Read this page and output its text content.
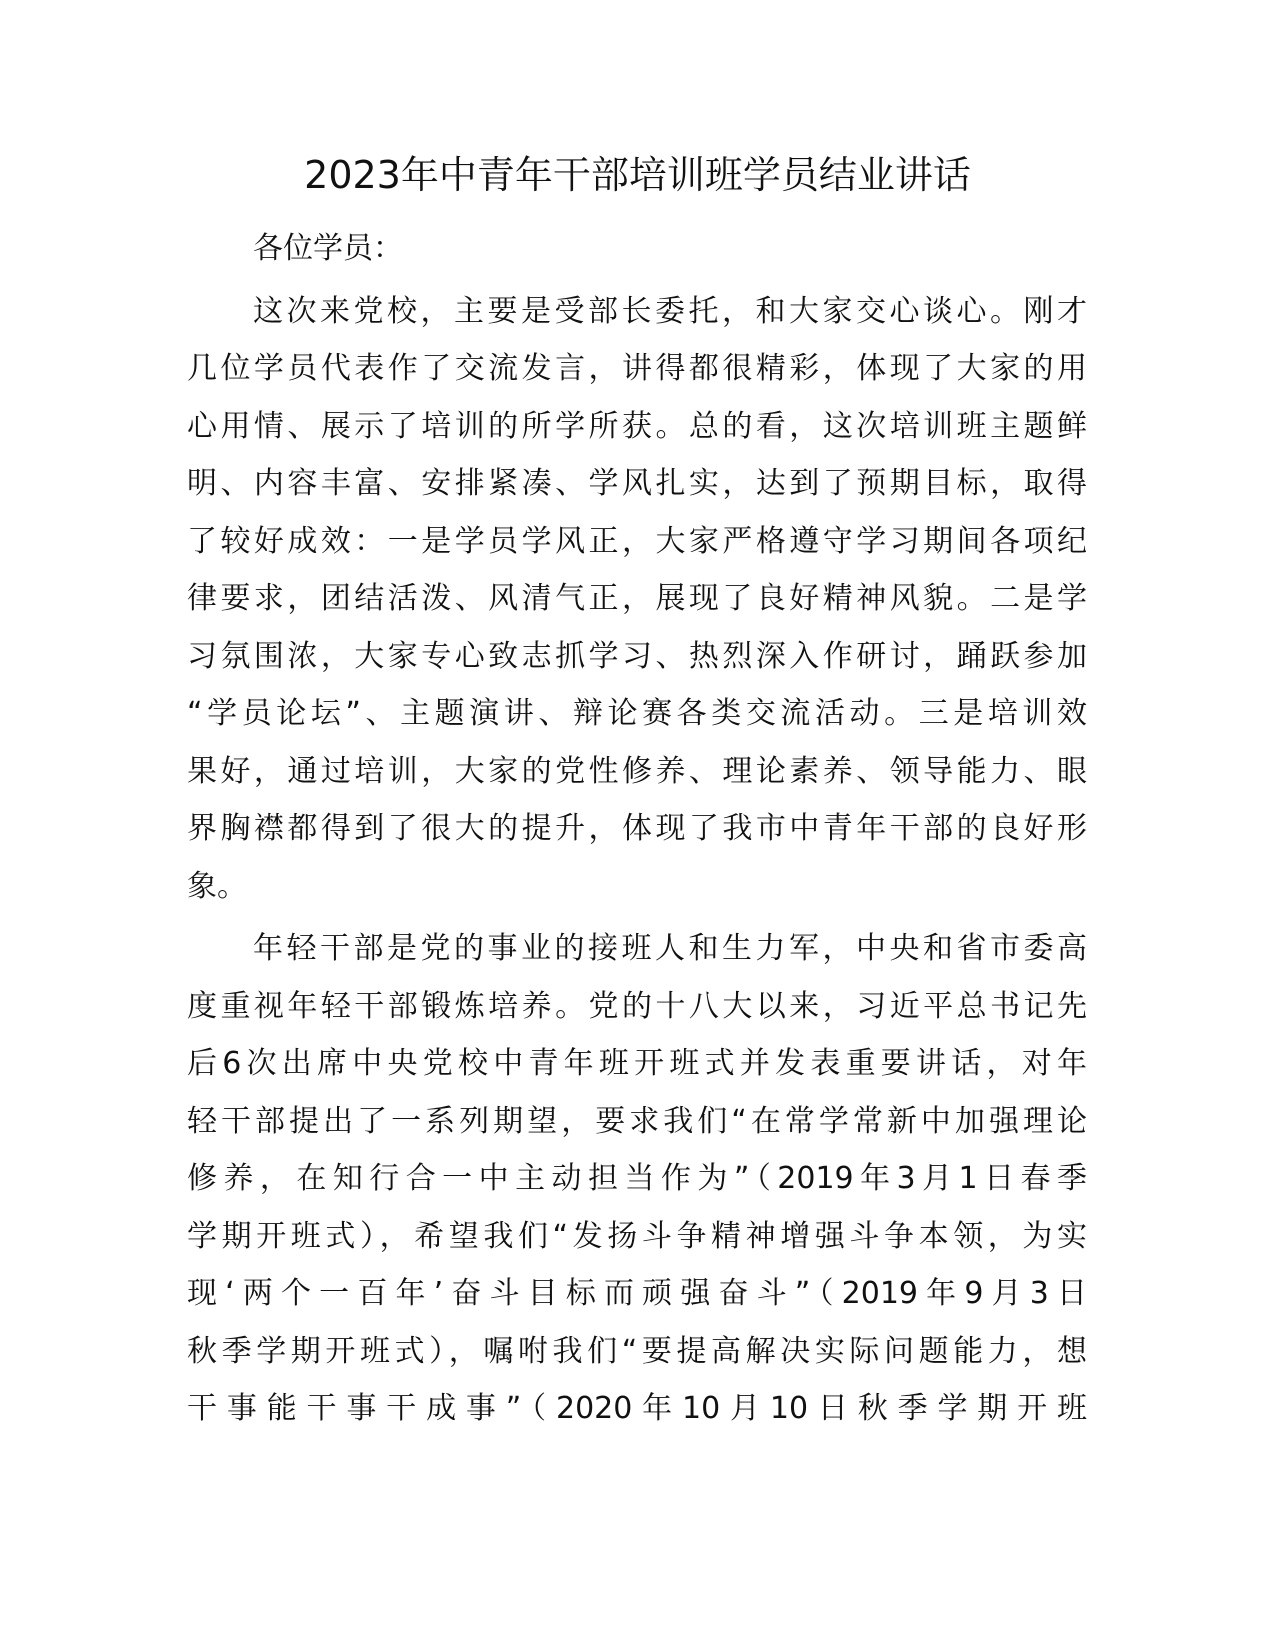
2023年中青年干部培训班学员结业讲话
各位学员：
这次来党校，主要是受部长委托，和大家交心谈心。刚才
几位学员代表作了交流发言，讲得都很精彩，体现了大家的用
心用情、展示了培训的所学所获。总的看，这次培训班主题鲜
明、内容丰富、安排紧凑、学风扎实，达到了预期目标，取得
了较好成效：一是学员学风正，大家严格遵守学习期间各项纪
律要求，团结活泼、风清气正，展现了良好精神风貌。二是学
习氛围浓，大家专心致志抓学习、热烈深入作研讨，踊跃参加
“学员论坛”、主题演讲、辩论赛各类交流活动。三是培训效
果好，通过培训，大家的党性修养、理论素养、领导能力、眼
界胸襟都得到了很大的提升，体现了我市中青年干部的良好形
象。
年轻干部是党的事业的接班人和生力军，中央和省市委高
度重视年轻干部锻炼培养。党的十八大以来，习近平总书记先
后6次出席中央党校中青年班开班式并发表重要讲话，对年
轻干部提出了一系列期望，要求我们“在常学常新中加强理论
修养，在知行合一中主动担当作为”（2019年3月1日春季
学期开班式），希望我们“发扬斗争精神增强斗争本领，为实
现‘两个一百年’奋斗目标而顽强奋斗”（2019年9月3日
秋季学期开班式），嘱咐我们“要提高解决实际问题能力，想
干事能干事干成事”（2020年10月10日秋季学期开班
